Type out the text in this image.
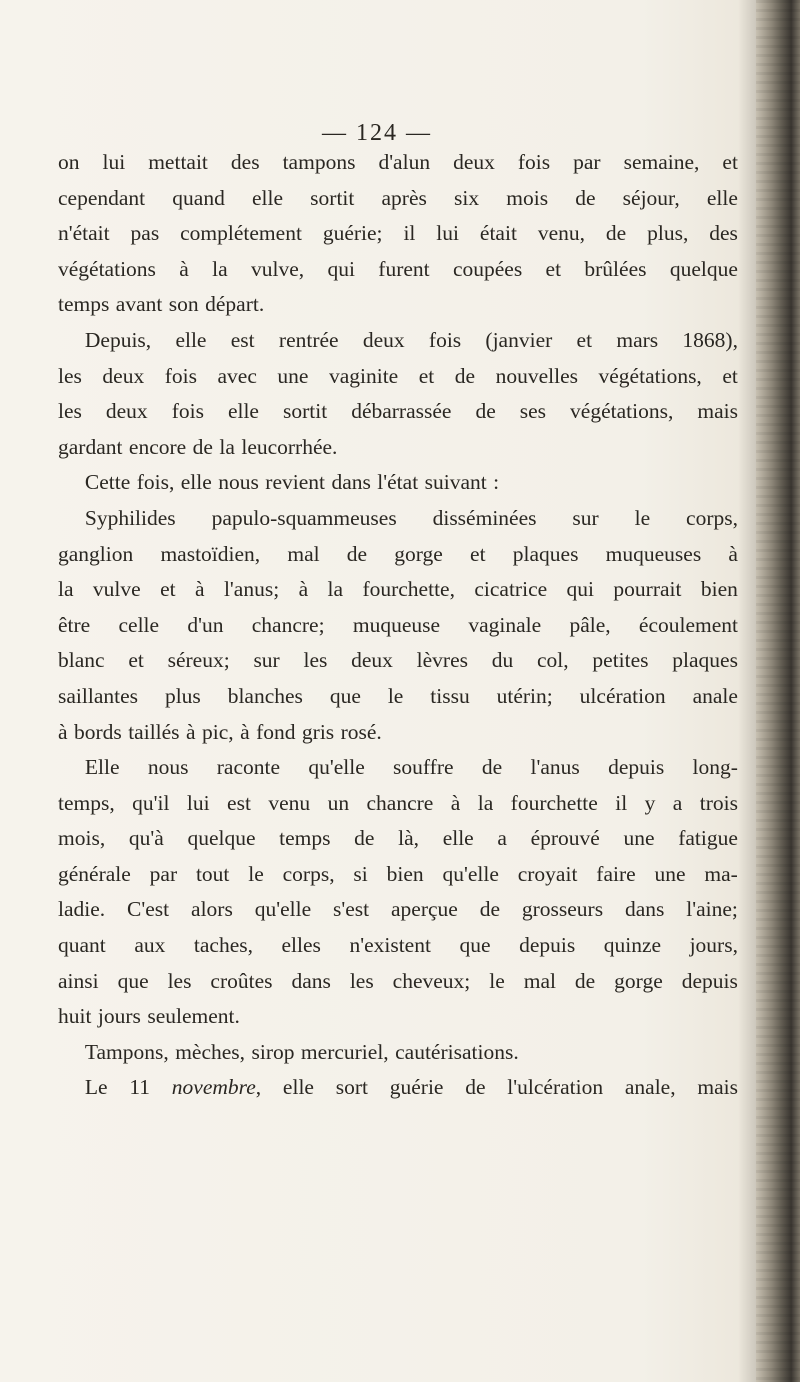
— 124 —
on lui mettait des tampons d'alun deux fois par semaine, et
cependant quand elle sortit après six mois de séjour, elle
n'était pas complétement guérie; il lui était venu, de plus, des
végétations à la vulve, qui furent coupées et brûlées quelque
temps avant son départ.
Depuis, elle est rentrée deux fois (janvier et mars 1868),
les deux fois avec une vaginite et de nouvelles végétations, et
les deux fois elle sortit débarrassée de ses végétations, mais
gardant encore de la leucorrhée.
Cette fois, elle nous revient dans l'état suivant :
Syphilides papulo-squammeuses disséminées sur le corps,
ganglion mastoïdien, mal de gorge et plaques muqueuses à
la vulve et à l'anus; à la fourchette, cicatrice qui pourrait bien
être celle d'un chancre; muqueuse vaginale pâle, écoulement
blanc et séreux; sur les deux lèvres du col, petites plaques
saillantes plus blanches que le tissu utérin; ulcération anale
à bords taillés à pic, à fond gris rosé.
Elle nous raconte qu'elle souffre de l'anus depuis long-
temps, qu'il lui est venu un chancre à la fourchette il y a trois
mois, qu'à quelque temps de là, elle a éprouvé une fatigue
générale par tout le corps, si bien qu'elle croyait faire une ma-
ladie. C'est alors qu'elle s'est aperçue de grosseurs dans l'aine;
quant aux taches, elles n'existent que depuis quinze jours,
ainsi que les croûtes dans les cheveux; le mal de gorge depuis
huit jours seulement.
Tampons, mèches, sirop mercuriel, cautérisations.
Le 11 novembre, elle sort guérie de l'ulcération anale, mais
